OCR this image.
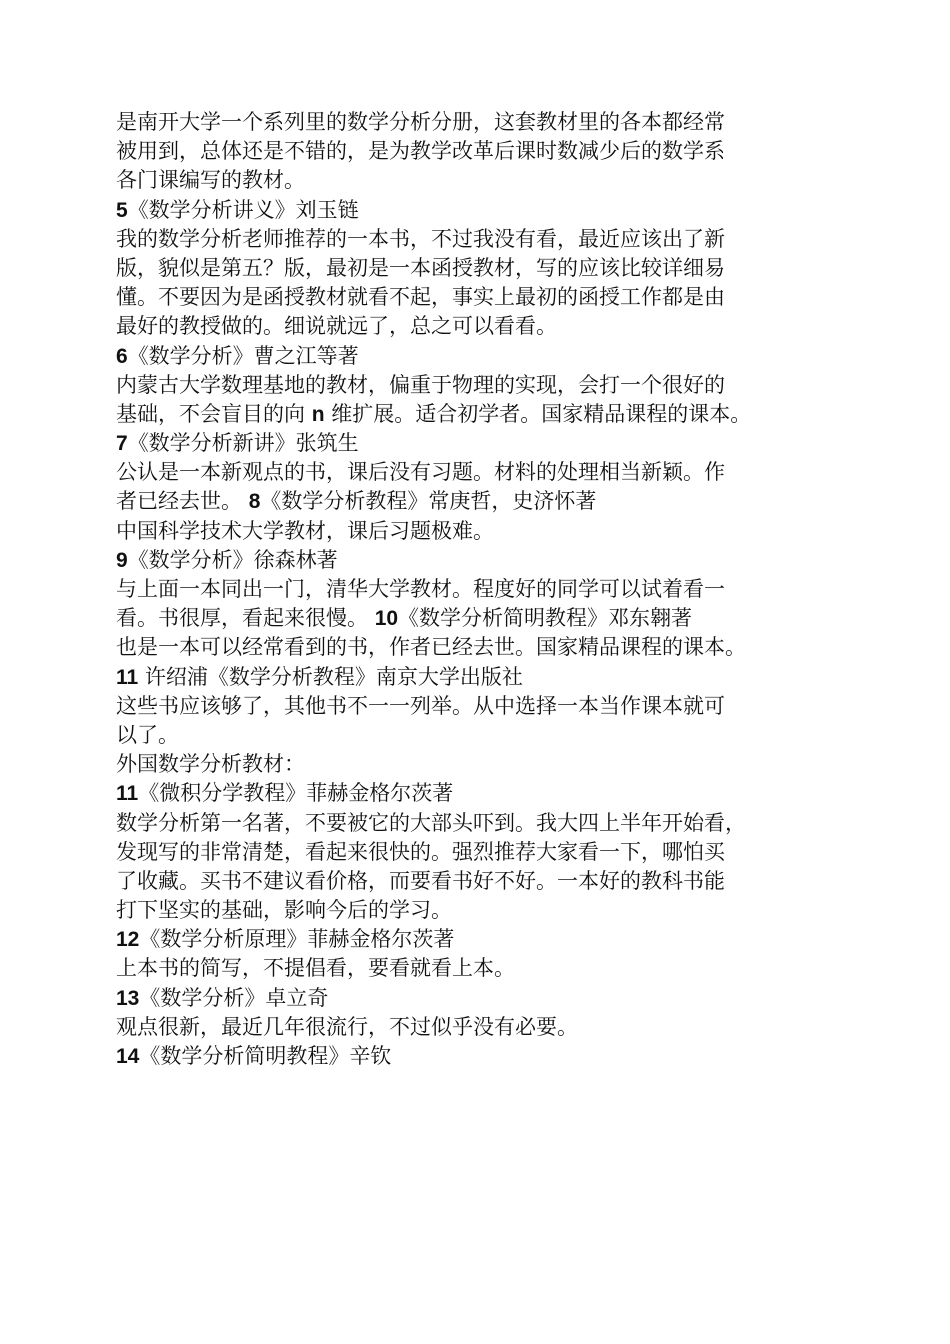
是南开大学一个系列里的数学分析分册，这套教材里的各本都经常
被用到，总体还是不错的，是为教学改革后课时数减少后的数学系
各门课编写的教材。
5《数学分析讲义》刘玉链
我的数学分析老师推荐的一本书，不过我没有看，最近应该出了新
版，貌似是第五？版，最初是一本函授教材，写的应该比较详细易
懂。不要因为是函授教材就看不起，事实上最初的函授工作都是由
最好的教授做的。细说就远了，总之可以看看。
6《数学分析》曹之江等著
内蒙古大学数理基地的教材，偏重于物理的实现，会打一个很好的
基础，不会盲目的向 n 维扩展。适合初学者。国家精品课程的课本。
7《数学分析新讲》张筑生
公认是一本新观点的书，课后没有习题。材料的处理相当新颖。作
者已经去世。 8《数学分析教程》常庚哲，史济怀著
中国科学技术大学教材，课后习题极难。
9《数学分析》徐森林著
与上面一本同出一门，清华大学教材。程度好的同学可以试着看一
看。书很厚，看起来很慢。 10《数学分析简明教程》邓东翱著
也是一本可以经常看到的书，作者已经去世。国家精品课程的课本。
11 许绍浦《数学分析教程》南京大学出版社
这些书应该够了，其他书不一一列举。从中选择一本当作课本就可
以了。
外国数学分析教材：
11《微积分学教程》菲赫金格尔茨著
数学分析第一名著，不要被它的大部头吓到。我大四上半年开始看，
发现写的非常清楚，看起来很快的。强烈推荐大家看一下，哪怕买
了收藏。买书不建议看价格，而要看书好不好。一本好的教科书能
打下坚实的基础，影响今后的学习。
12《数学分析原理》菲赫金格尔茨著
上本书的简写，不提倡看，要看就看上本。
13《数学分析》卓立奇
观点很新，最近几年很流行，不过似乎没有必要。
14《数学分析简明教程》辛钦
